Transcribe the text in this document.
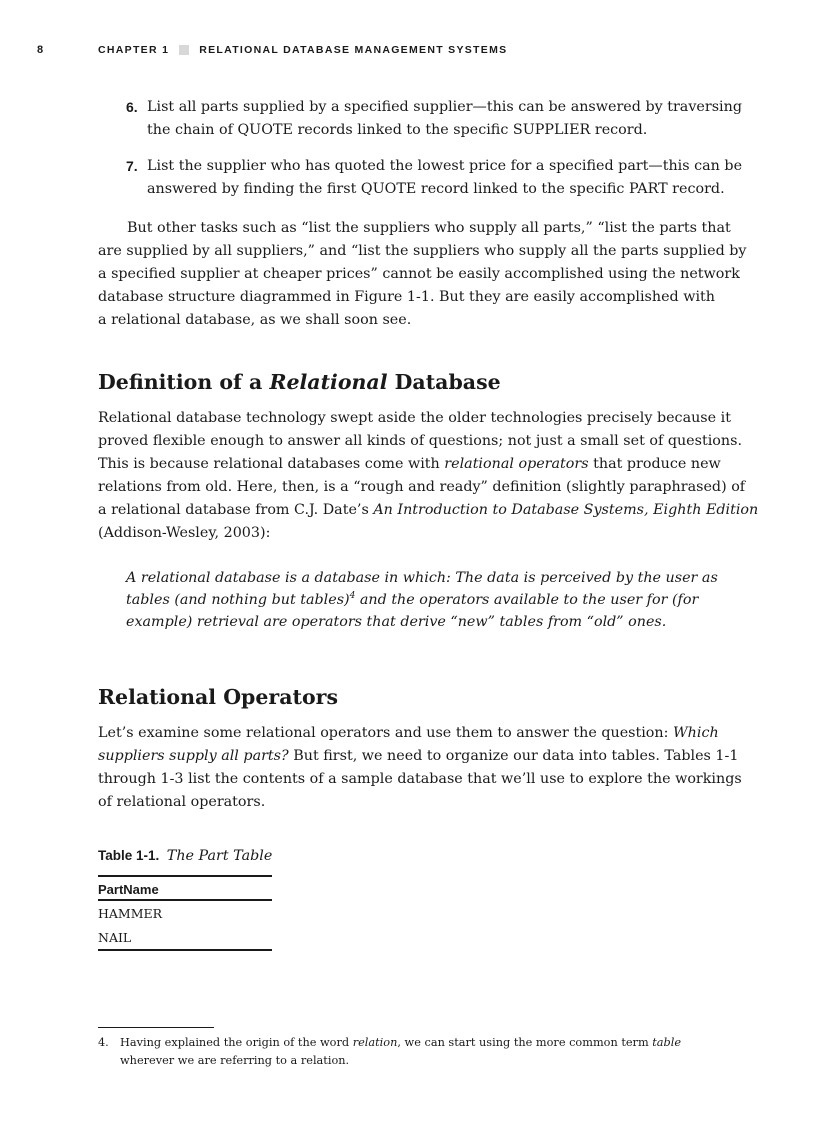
8	CHAPTER 1	RELATIONAL DATABASE MANAGEMENT SYSTEMS
6. List all parts supplied by a specified supplier—this can be answered by traversing
the chain of QUOTE records linked to the specific SUPPLIER record.
7. List the supplier who has quoted the lowest price for a specified part—this can be
answered by finding the first QUOTE record linked to the specific PART record.
But other tasks such as “list the suppliers who supply all parts,” “list the parts that
are supplied by all suppliers,” and “list the suppliers who supply all the parts supplied by
a specified supplier at cheaper prices” cannot be easily accomplished using the network
database structure diagrammed in Figure 1-1. But they are easily accomplished with
a relational database, as we shall soon see.
Definition of a Relational Database
Relational database technology swept aside the older technologies precisely because it
proved flexible enough to answer all kinds of questions; not just a small set of questions.
This is because relational databases come with relational operators that produce new
relations from old. Here, then, is a “rough and ready” definition (slightly paraphrased) of
a relational database from C.J. Date’s An Introduction to Database Systems, Eighth Edition
(Addison-Wesley, 2003):
A relational database is a database in which: The data is perceived by the user as
tables (and nothing but tables)$^4$ and the operators available to the user for (for
example) retrieval are operators that derive “new” tables from “old” ones.
Relational Operators
Let’s examine some relational operators and use them to answer the question: Which
suppliers supply all parts? But first, we need to organize our data into tables. Tables 1-1
through 1-3 list the contents of a sample database that we’ll use to explore the workings
of relational operators.
Table 1-1. The Part Table
PartName
HAMMER
NAIL
4. Having explained the origin of the word relation, we can start using the more common term table
wherever we are referring to a relation.
